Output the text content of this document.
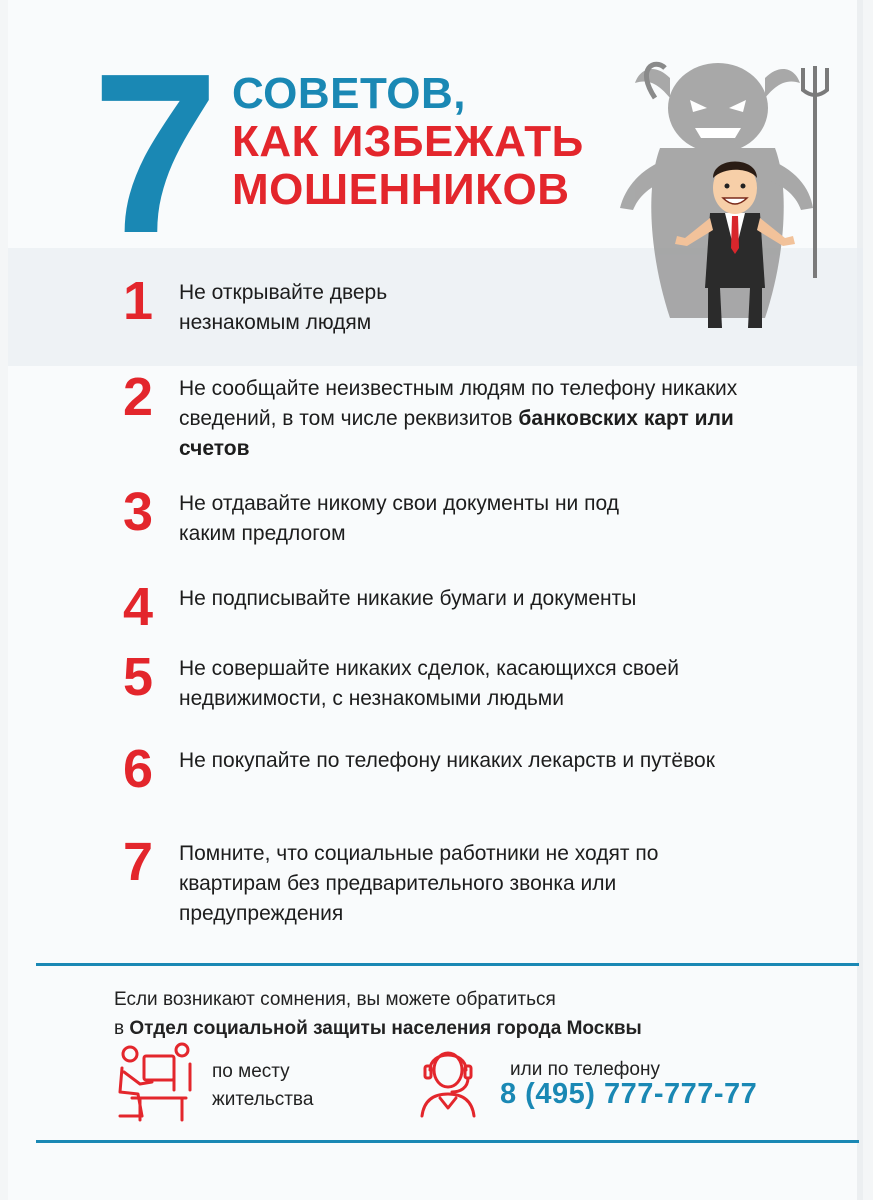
7 СОВЕТОВ,
КАК ИЗБЕЖАТЬ
МОШЕННИКОВ
1	Не открывайте дверь незнакомым людям
2	Не сообщайте неизвестным людям по телефону никаких сведений, в том числе реквизитов банковских карт или счетов
3	Не отдавайте никому свои документы ни под каким предлогом
4	Не подписывайте никакие бумаги и документы
5	Не совершайте никаких сделок, касающихся своей недвижимости, с незнакомыми людьми
6	Не покупайте по телефону никаких лекарств и путёвок
7	Помните, что социальные работники не ходят по квартирам без предварительного звонка или предупреждения
Если возникают сомнения, вы можете обратиться
в Отдел социальной защиты населения города Москвы
по месту
жительства
или по телефону
8 (495) 777-777-77
